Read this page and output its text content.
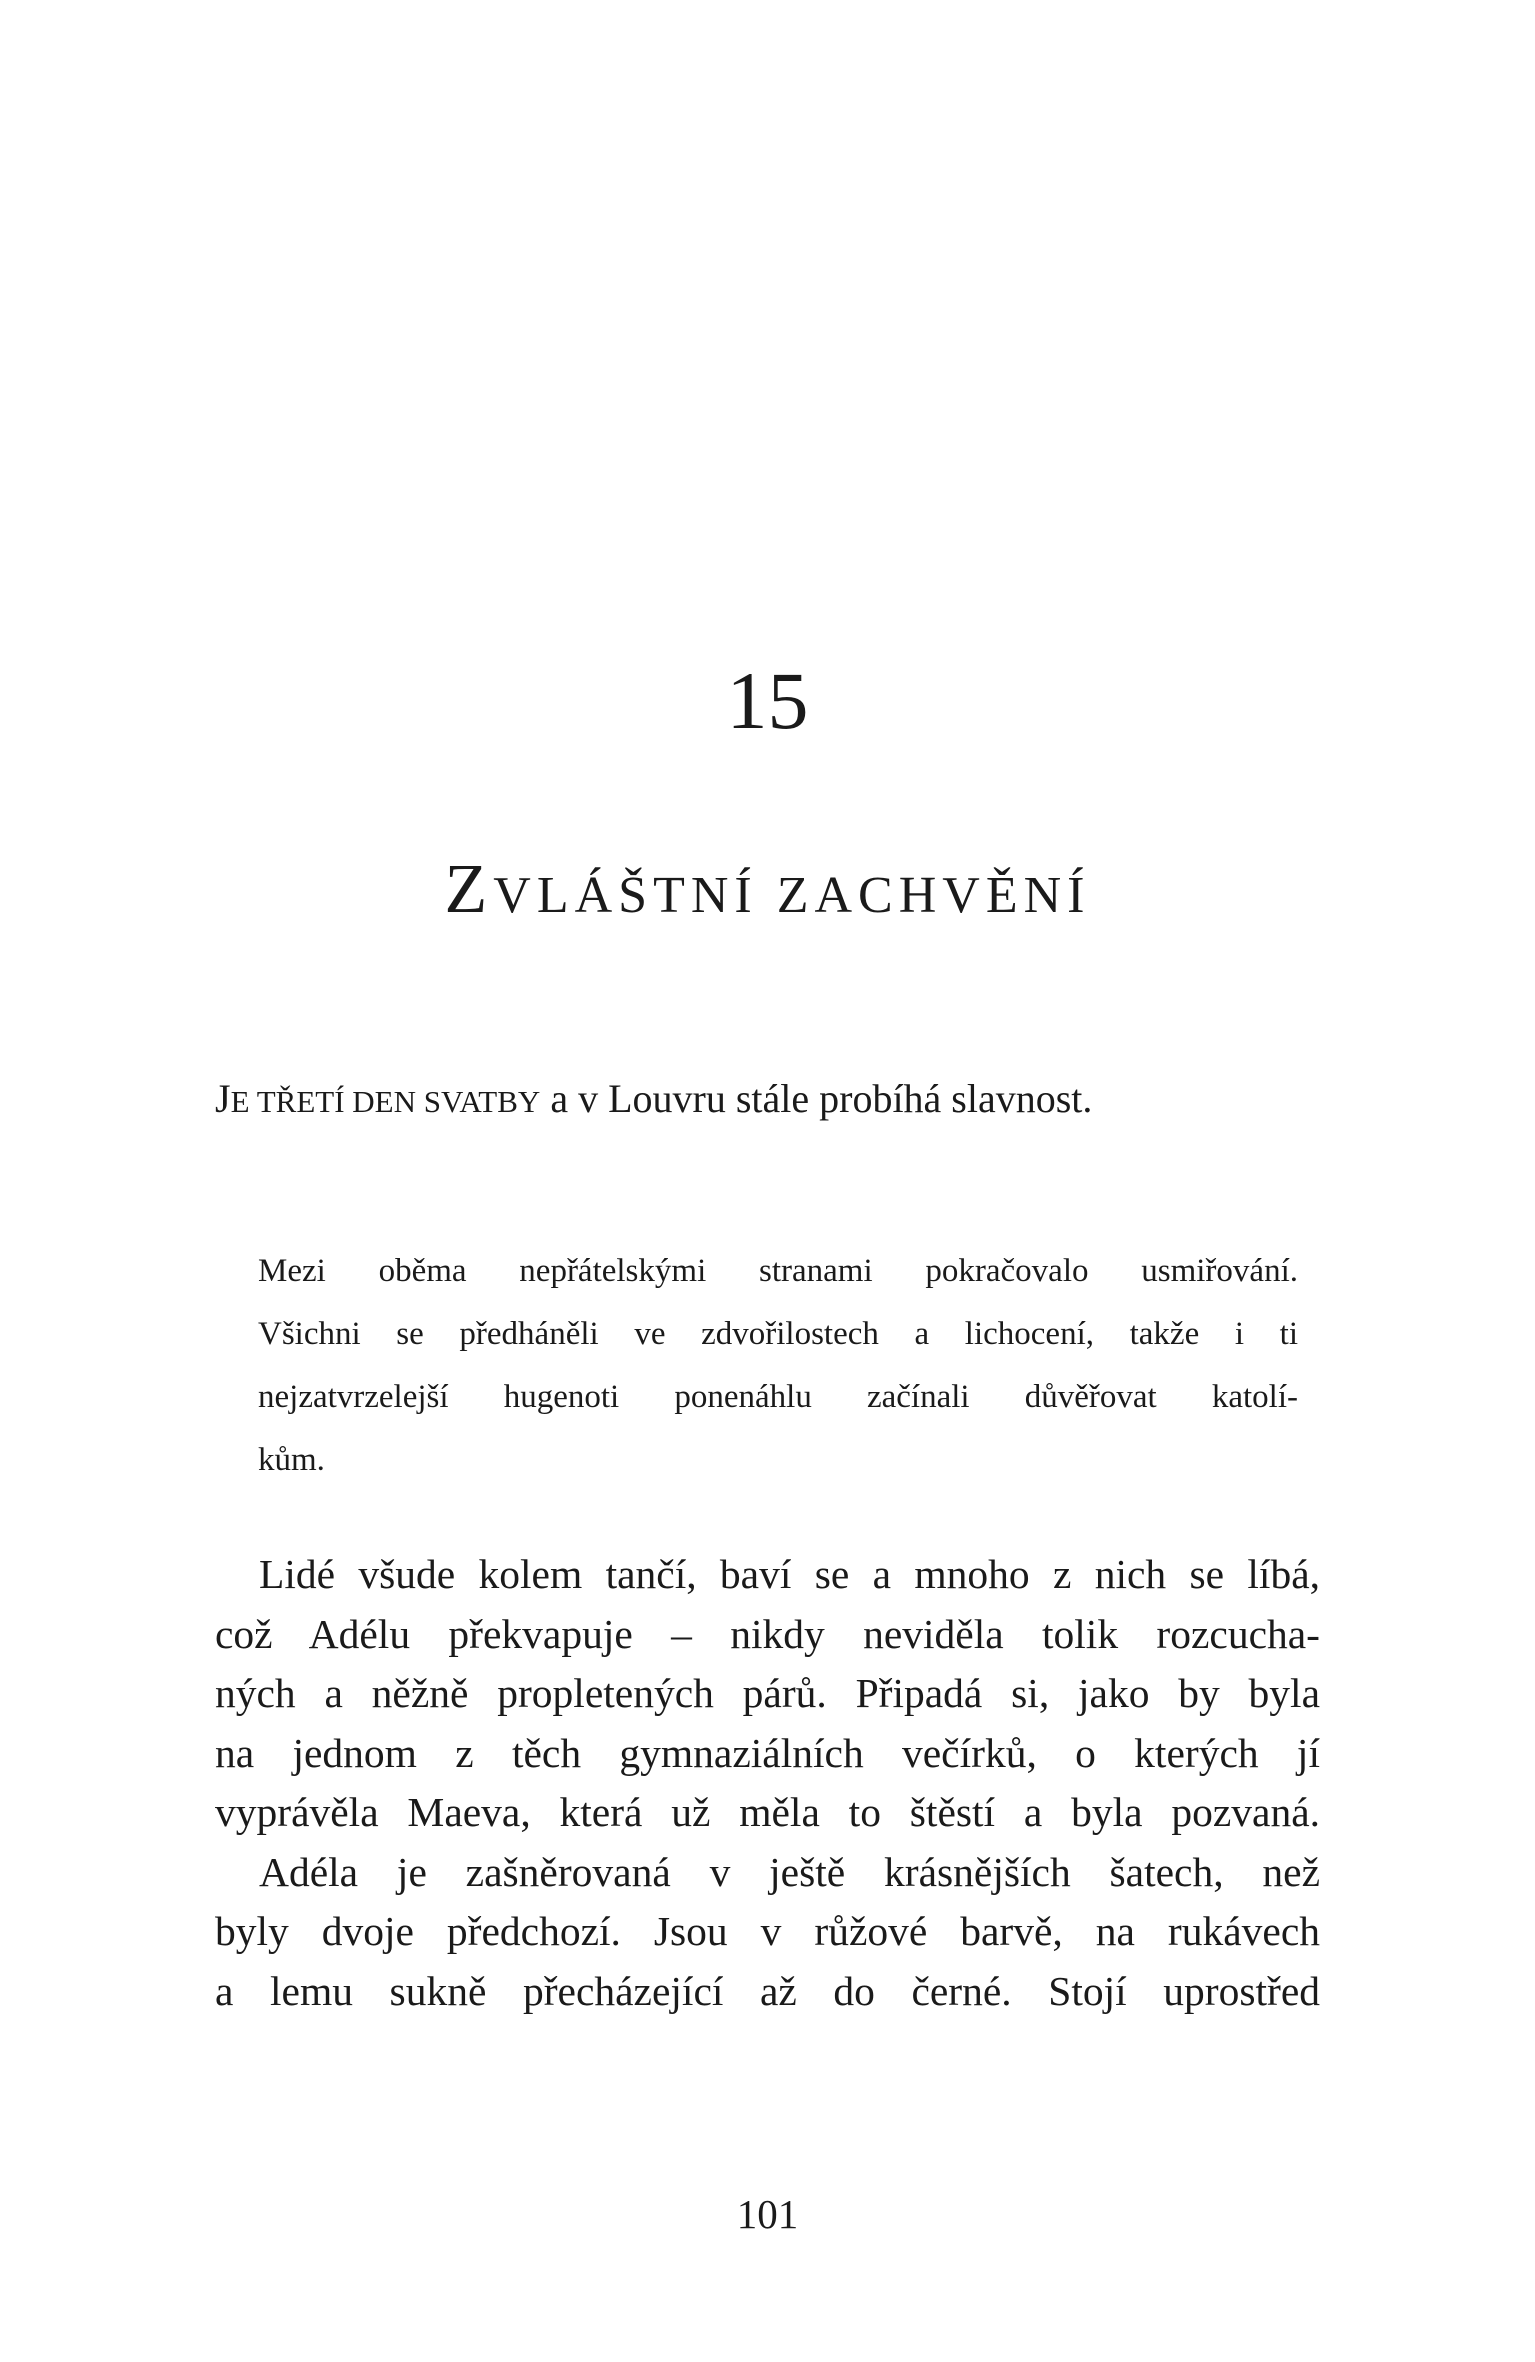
15
ZVLÁŠTNÍ ZACHVĚNÍ
JE TŘETÍ DEN SVATBY a v Louvru stále probíhá slavnost.
Mezi oběma nepřátelskými stranami pokračovalo usmiřování.
Všichni se předháněli ve zdvořilostech a lichocení, takže i ti
nejzatvrzelejší hugenoti ponenáhlu začínali důvěřovat katolí-
kům.
Lidé všude kolem tančí, baví se a mnoho z nich se líbá,
což Adélu překvapuje – nikdy neviděla tolik rozcucha-
ných a něžně propletených párů. Připadá si, jako by byla
na jednom z těch gymnaziálních večírků, o kterých jí
vyprávěla Maeva, která už měla to štěstí a byla pozvaná.
Adéla je zašněrovaná v ještě krásnějších šatech, než
byly dvoje předchozí. Jsou v růžové barvě, na rukávech
a lemu sukně přecházející až do černé. Stojí uprostřed
101
